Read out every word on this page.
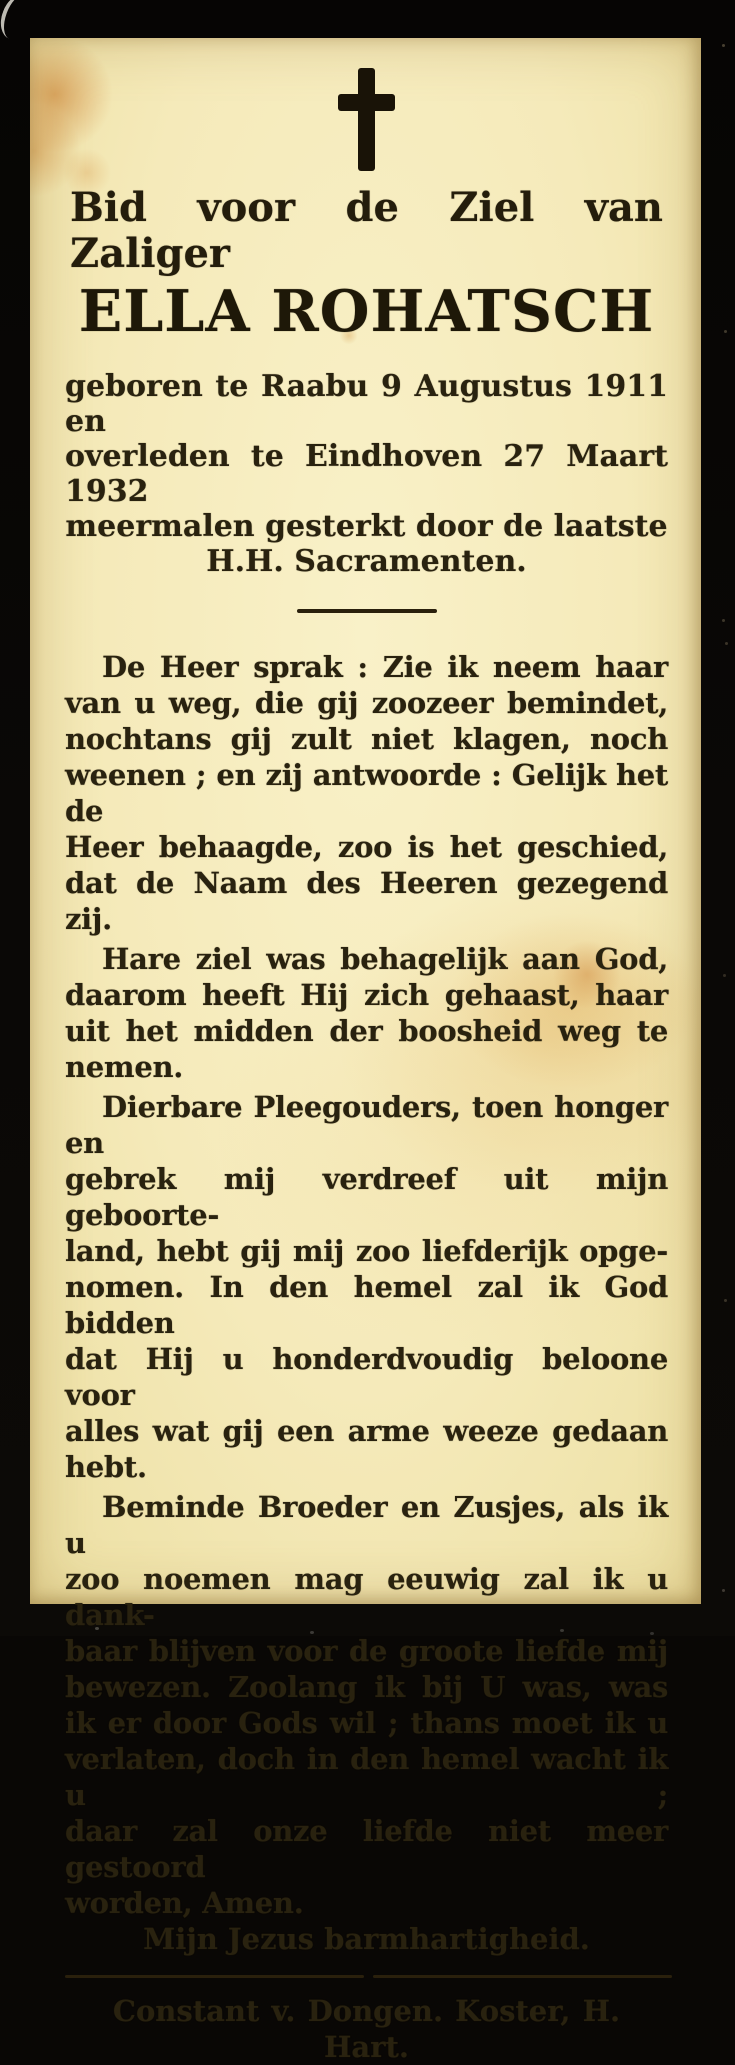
Bid voor de Ziel van Zaliger
ELLA ROHATSCH
geboren te Raabu 9 Augustus 1911 en
overleden te Eindhoven 27 Maart 1932
meermalen gesterkt door de laatste
H.H. Sacramenten.
De Heer sprak : Zie ik neem haar
van u weg, die gij zoozeer bemindet,
nochtans gij zult niet klagen, noch
weenen ; en zij antwoorde : Gelijk het de
Heer behaagde, zoo is het geschied,
dat de Naam des Heeren gezegend zij.
Hare ziel was behagelijk aan God,
daarom heeft Hij zich gehaast, haar
uit het midden der boosheid weg te
nemen.
Dierbare Pleegouders, toen honger en
gebrek mij verdreef uit mijn geboorte-
land, hebt gij mij zoo liefderijk opge-
nomen. In den hemel zal ik God bidden
dat Hij u honderdvoudig beloone voor
alles wat gij een arme weeze gedaan
hebt.
Beminde Broeder en Zusjes, als ik u
zoo noemen mag eeuwig zal ik u dank-
baar blijven voor de groote liefde mij
bewezen. Zoolang ik bij U was, was
ik er door Gods wil ; thans moet ik u
verlaten, doch in den hemel wacht ik u ;
daar zal onze liefde niet meer gestoord
worden, Amen.
Mijn Jezus barmhartigheid.
Constant v. Dongen. Koster, H. Hart.
